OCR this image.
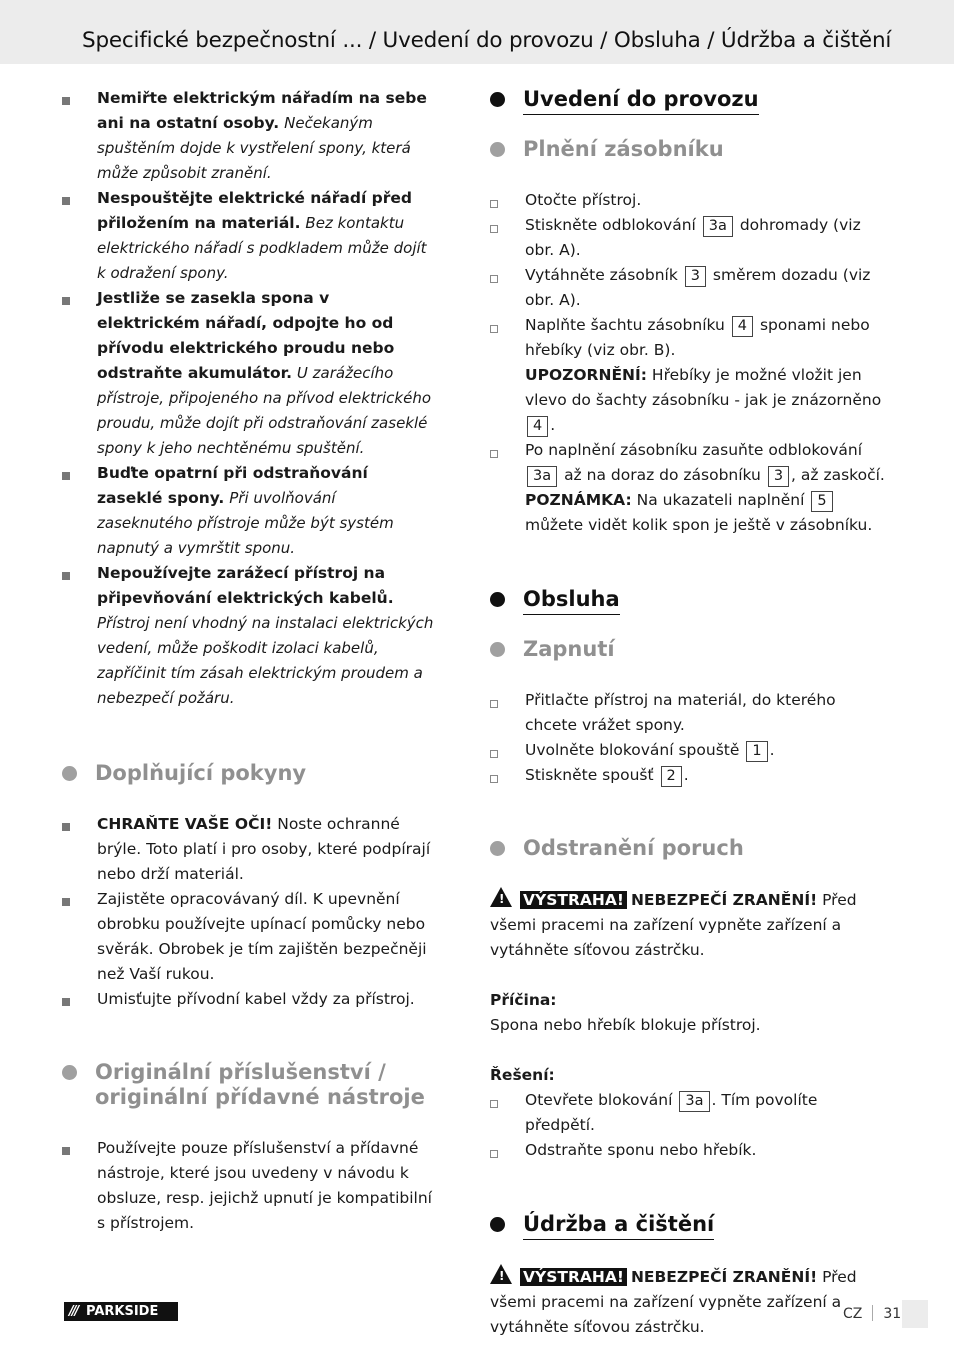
Specifické bezpečnostní ... / Uvedení do provozu / Obsluha / Údržba a čištění
Nemiřte elektrickým nářadím na sebe ani na ostatní osoby. Nečekaným spuštěním dojde k vystřelení spony, která může způsobit zranění.
Nespouštějte elektrické nářadí před přiložením na materiál. Bez kontaktu elektrického nářadí s podkladem může dojít k odražení spony.
Jestliže se zasekla spona v elektrickém nářadí, odpojte ho od přívodu elektrického proudu nebo odstraňte akumulátor. U zarážecího přístroje, připojeného na přívod elektrického proudu, může dojít při odstraňování zaseklé spony k jeho nechtěnému spuštění.
Buďte opatrní při odstraňování zaseklé spony. Při uvolňování zaseknutého přístroje může být systém napnutý a vymrštit sponu.
Nepoužívejte zarážecí přístroj na připevňování elektrických kabelů. Přístroj není vhodný na instalaci elektrických vedení, může poškodit izolaci kabelů, zapříčinit tím zásah elektrickým proudem a nebezpečí požáru.
Doplňující pokyny
CHRAŇTE VAŠE OČI! Noste ochranné brýle. Toto platí i pro osoby, které podpírají nebo drží materiál.
Zajistěte opracovávaný díl. K upevnění obrobku používejte upínací pomůcky nebo svěrák. Obrobek je tím zajištěn bezpečněji než Vaší rukou.
Umisťujte přívodní kabel vždy za přístroj.
Originální příslušenství / originální přídavné nástroje
Používejte pouze příslušenství a přídavné nástroje, které jsou uvedeny v návodu k obsluze, resp. jejichž upnutí je kompatibilní s přístrojem.
Uvedení do provozu
Plnění zásobníku
Otočte přístroj.
Stiskněte odblokování 3a dohromady (viz obr. A).
Vytáhněte zásobník 3 směrem dozadu (viz obr. A).
Naplňte šachtu zásobníku 4 sponami nebo hřebíky (viz obr. B).
UPOZORNĚNÍ: Hřebíky je možné vložit jen vlevo do šachty zásobníku - jak je znázorněno 4 .
Po naplnění zásobníku zasuňte odblokování 3a až na doraz do zásobníku 3 , až zaskočí.
POZNÁMKA: Na ukazateli naplnění 5 můžete vidět kolik spon je ještě v zásobníku.
Obsluha
Zapnutí
Přitlačte přístroj na materiál, do kterého chcete vrážet spony.
Uvolněte blokování spouště 1 .
Stiskněte spoušť 2 .
Odstranění poruch

! VÝSTRAHA! NEBEZPEČÍ ZRANĚNÍ! Před všemi pracemi na zařízení vypněte zařízení a vytáhněte síťovou zástrčku.

Příčina:

Spona nebo hřebík blokuje přístroj.

Řešení:

Otevřete blokování 3a . Tím povolíte předpětí.
Odstraňte sponu nebo hřebík.
Údržba a čištění

! VÝSTRAHA! NEBEZPEČÍ ZRANĚNÍ! Před všemi pracemi na zařízení vypněte zařízení a vytáhněte síťovou zástrčku.

/// PARKSIDE	CZ 31
